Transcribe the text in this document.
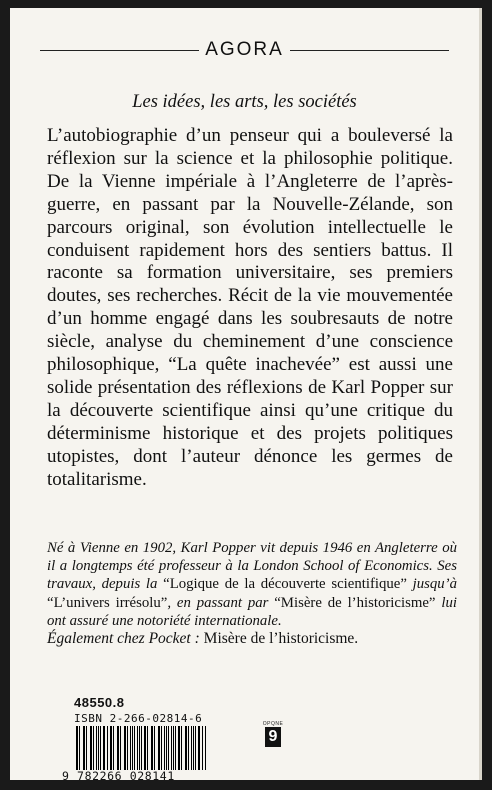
AGORA
Les idées, les arts, les sociétés
L’autobiographie d’un penseur qui a bouleversé la réflexion sur la science et la philosophie politique. De la Vienne impériale à l’Angleterre de l’après-guerre, en passant par la Nouvelle-Zélande, son parcours original, son évolution intellectuelle le conduisent rapidement hors des sentiers battus. Il raconte sa formation universitaire, ses premiers doutes, ses recherches. Récit de la vie mouvementée d’un homme engagé dans les soubresauts de notre siècle, analyse du cheminement d’une conscience philosophique, “La quête inachevée” est aussi une solide présentation des réflexions de Karl Popper sur la découverte scientifique ainsi qu’une critique du déterminisme historique et des projets politiques utopistes, dont l’auteur dénonce les germes de totalitarisme.
Né à Vienne en 1902, Karl Popper vit depuis 1946 en Angleterre où il a longtemps été professeur à la London School of Economics. Ses travaux, depuis la “Logique de la découverte scientifique” jusqu’à “L’univers irrésolu”, en passant par “Misère de l’historicisme” lui ont assuré une notoriété internationale.
Également chez Pocket : Misère de l’historicisme.
48550.8
ISBN 2-266-02814-6
9 782266 028141
OPQNE
9
